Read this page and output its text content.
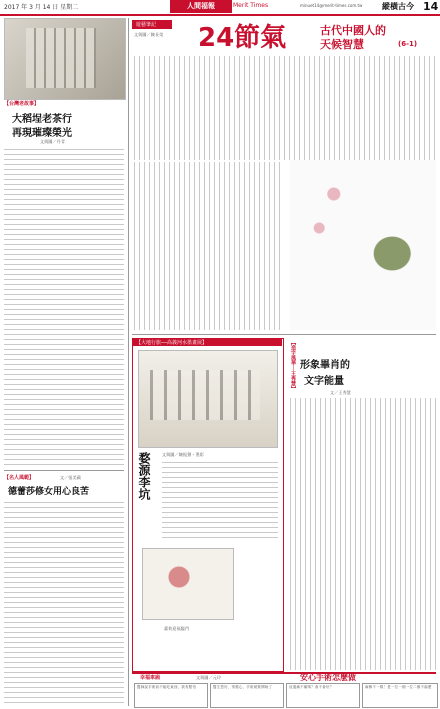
2017 年 3 月 14 日 星期二	人間福報	Merit Times	minuet14@merit-times.com.tw 縱橫古今 14
【台灣老故事】
大稻埕老茶行
再現璀璨榮光
文與圖／丹青
【名人風範】	文／張美蘋
德蕾莎修女用心良苦
遊藝筆記
文與圖／陳長榮 24節氣	古代中國人的
天候智慧	(6-1)
【大地行旅──高義河水墨畫展】
婺源李坑	文與圖／陳振聲・墨彩
畫荷迎福臨門
【造字風華──王秀慧】 形象畢肖的
文字能量
文／王秀慧
幸福車廂	文與圖／元玲	安心手術怎麼做
醫師說手術前不能吃東西，我有點怕	醫生您好，別擔心，手術就要開始了	這邊痛不痛嗎？會不會好？	麻醉不一樣！是一位一個一位二個不偏麼
